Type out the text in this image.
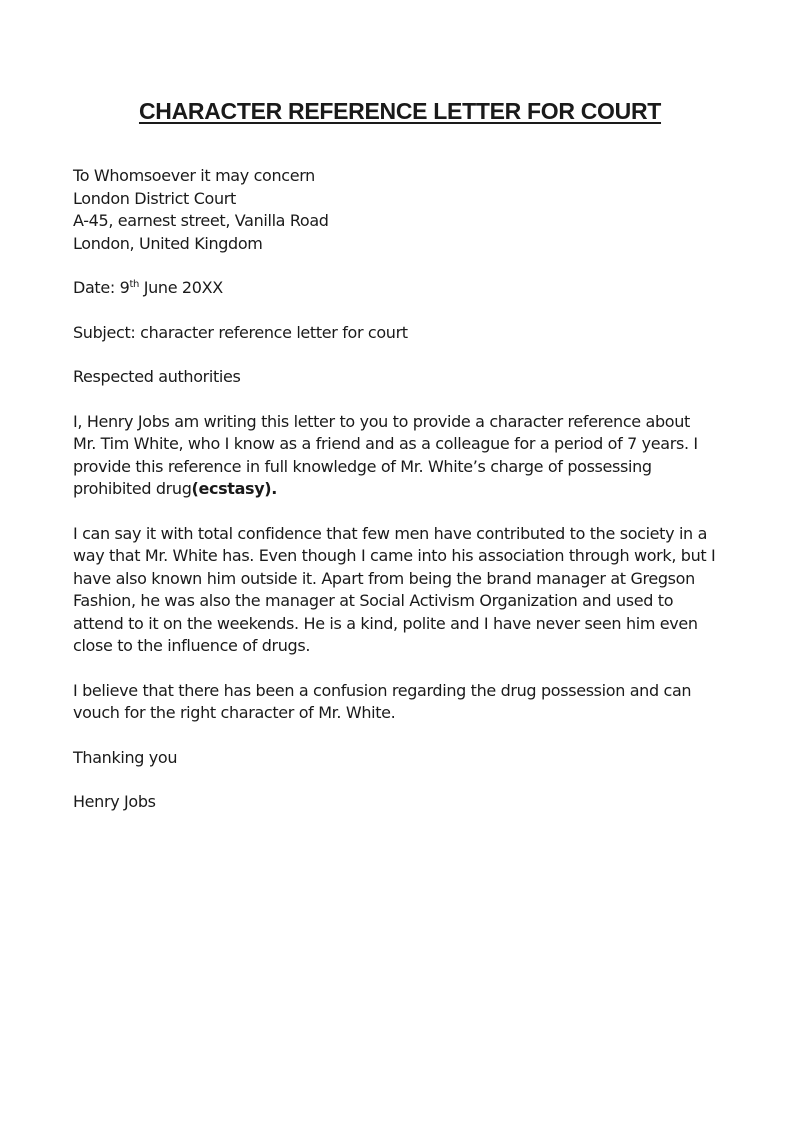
CHARACTER REFERENCE LETTER FOR COURT
To Whomsoever it may concern
London District Court
A-45, earnest street, Vanilla Road
London, United Kingdom
Date: 9th June 20XX
Subject: character reference letter for court
Respected authorities
I, Henry Jobs am writing this letter to you to provide a character reference about
Mr. Tim White, who I know as a friend and as a colleague for a period of 7 years. I
provide this reference in full knowledge of Mr. White’s charge of possessing
prohibited drug(ecstasy).
I can say it with total confidence that few men have contributed to the society in a
way that Mr. White has. Even though I came into his association through work, but I
have also known him outside it. Apart from being the brand manager at Gregson
Fashion, he was also the manager at Social Activism Organization and used to
attend to it on the weekends. He is a kind, polite and I have never seen him even
close to the influence of drugs.
I believe that there has been a confusion regarding the drug possession and can
vouch for the right character of Mr. White.
Thanking you
Henry Jobs
